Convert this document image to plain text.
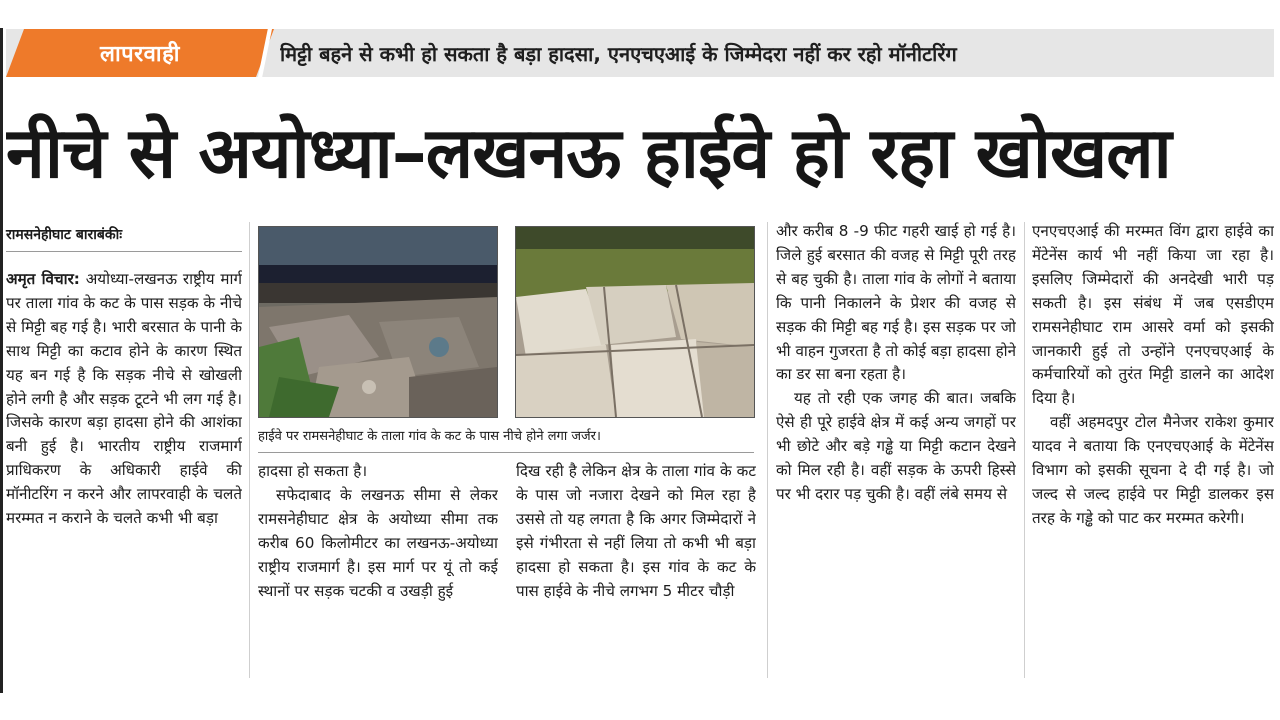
लापरवाही	मिट्टी बहने से कभी हो सकता है बड़ा हादसा, एनएचएआई के जिम्मेदरा नहीं कर रहो मॉनीटरिंग
नीचे से अयोध्या–लखनऊ हाईवे हो रहा खोखला
रामसनेहीघाट बाराबंकीः

अमृत विचार: अयोध्या-लखनऊ राष्ट्रीय मार्ग पर ताला गांव के कट के पास सड़क के नीचे से मिट्टी बह गई है। भारी बरसात के पानी के साथ मिट्टी का कटाव होने के कारण स्थित यह बन गई है कि सड़क नीचे से खोखली होने लगी है और सड़क टूटने भी लग गई है। जिसके कारण बड़ा हादसा होने की आशंका बनी हुई है। भारतीय राष्ट्रीय राजमार्ग प्राधिकरण के अधिकारी हाईवे की मॉनीटरिंग न करने और लापरवाही के चलते मरम्मत न कराने के चलते कभी भी बड़ा

हाईवे पर रामसनेहीघाट के ताला गांव के कट के पास नीचे होने लगा जर्जर।

हादसा हो सकता है।

सफेदाबाद के लखनऊ सीमा से लेकर रामसनेहीघाट क्षेत्र के अयोध्या सीमा तक करीब 60 किलोमीटर का लखनऊ-अयोध्या राष्ट्रीय राजमार्ग है। इस मार्ग पर यूं तो कई स्थानों पर सड़क चटकी व उखड़ी हुई

दिख रही है लेकिन क्षेत्र के ताला गांव के कट के पास जो नजारा देखने को मिल रहा है उससे तो यह लगता है कि अगर जिम्मेदारों ने इसे गंभीरता से नहीं लिया तो कभी भी बड़ा हादसा हो सकता है। इस गांव के कट के पास हाईवे के नीचे लगभग 5 मीटर चौड़ी

और करीब 8 -9 फीट गहरी खाई हो गई है। जिले हुई बरसात की वजह से मिट्टी पूरी तरह से बह चुकी है। ताला गांव के लोगों ने बताया कि पानी निकालने के प्रेशर की वजह से सड़क की मिट्टी बह गई है। इस सड़क पर जो भी वाहन गुजरता है तो कोई बड़ा हादसा होने का डर सा बना रहता है।

यह तो रही एक जगह की बात। जबकि ऐसे ही पूरे हाईवे क्षेत्र में कई अन्य जगहों पर भी छोटे और बड़े गड्ढे या मिट्टी कटान देखने को मिल रही है। वहीं सड़क के ऊपरी हिस्से पर भी दरार पड़ चुकी है। वहीं लंबे समय से

एनएचएआई की मरम्मत विंग द्वारा हाईवे का मेंटेनेंस कार्य भी नहीं किया जा रहा है। इसलिए जिम्मेदारों की अनदेखी भारी पड़ सकती है। इस संबंध में जब एसडीएम रामसनेहीघाट राम आसरे वर्मा को इसकी जानकारी हुई तो उन्होंने एनएचएआई के कर्मचारियों को तुरंत मिट्टी डालने का आदेश दिया है।

वहीं अहमदपुर टोल मैनेजर राकेश कुमार यादव ने बताया कि एनएचएआई के मेंटेनेंस विभाग को इसकी सूचना दे दी गई है। जो जल्द से जल्द हाईवे पर मिट्टी डालकर इस तरह के गड्ढे को पाट कर मरम्मत करेगी।
